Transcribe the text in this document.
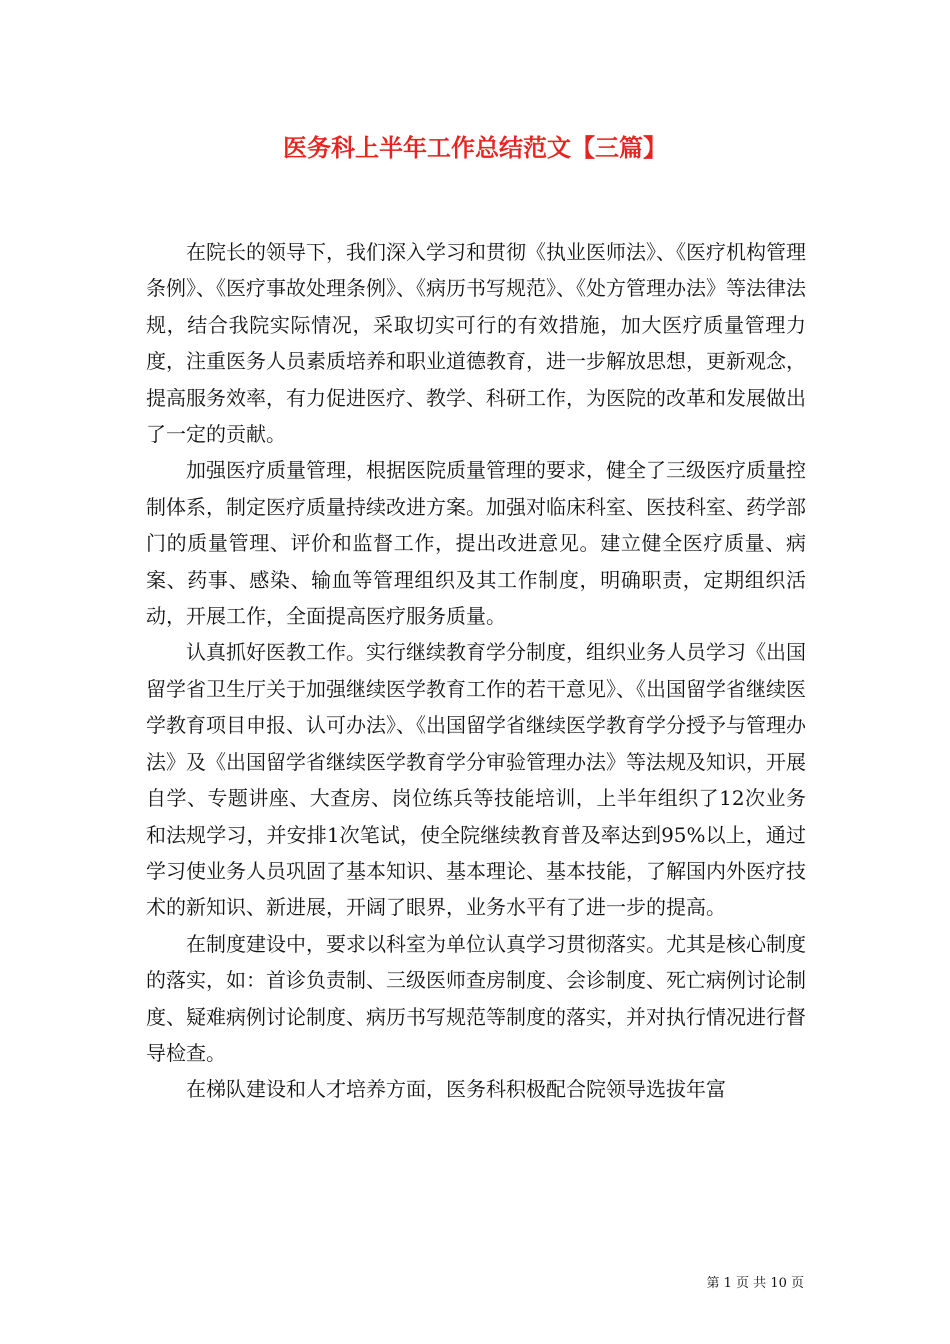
医务科上半年工作总结范文【三篇】

在院长的领导下，我们深入学习和贯彻《执业医师法》、《医疗机构管理条例》、《医疗事故处理条例》、《病历书写规范》、《处方管理办法》等法律法规，结合我院实际情况，采取切实可行的有效措施，加大医疗质量管理力度，注重医务人员素质培养和职业道德教育，进一步解放思想，更新观念，提高服务效率，有力促进医疗、教学、科研工作，为医院的改革和发展做出了一定的贡献。

加强医疗质量管理，根据医院质量管理的要求，健全了三级医疗质量控制体系，制定医疗质量持续改进方案。加强对临床科室、医技科室、药学部门的质量管理、评价和监督工作，提出改进意见。建立健全医疗质量、病案、药事、感染、输血等管理组织及其工作制度，明确职责，定期组织活动，开展工作，全面提高医疗服务质量。

认真抓好医教工作。实行继续教育学分制度，组织业务人员学习《出国留学省卫生厅关于加强继续医学教育工作的若干意见》、《出国留学省继续医学教育项目申报、认可办法》、《出国留学省继续医学教育学分授予与管理办法》及《出国留学省继续医学教育学分审验管理办法》等法规及知识，开展自学、专题讲座、大查房、岗位练兵等技能培训，上半年组织了12次业务和法规学习，并安排1次笔试，使全院继续教育普及率达到95%以上，通过学习使业务人员巩固了基本知识、基本理论、基本技能，了解国内外医疗技术的新知识、新进展，开阔了眼界，业务水平有了进一步的提高。

在制度建设中，要求以科室为单位认真学习贯彻落实。尤其是核心制度的落实，如：首诊负责制、三级医师查房制度、会诊制度、死亡病例讨论制度、疑难病例讨论制度、病历书写规范等制度的落实，并对执行情况进行督导检查。

在梯队建设和人才培养方面，医务科积极配合院领导选拔年富

第 1 页 共 10 页
